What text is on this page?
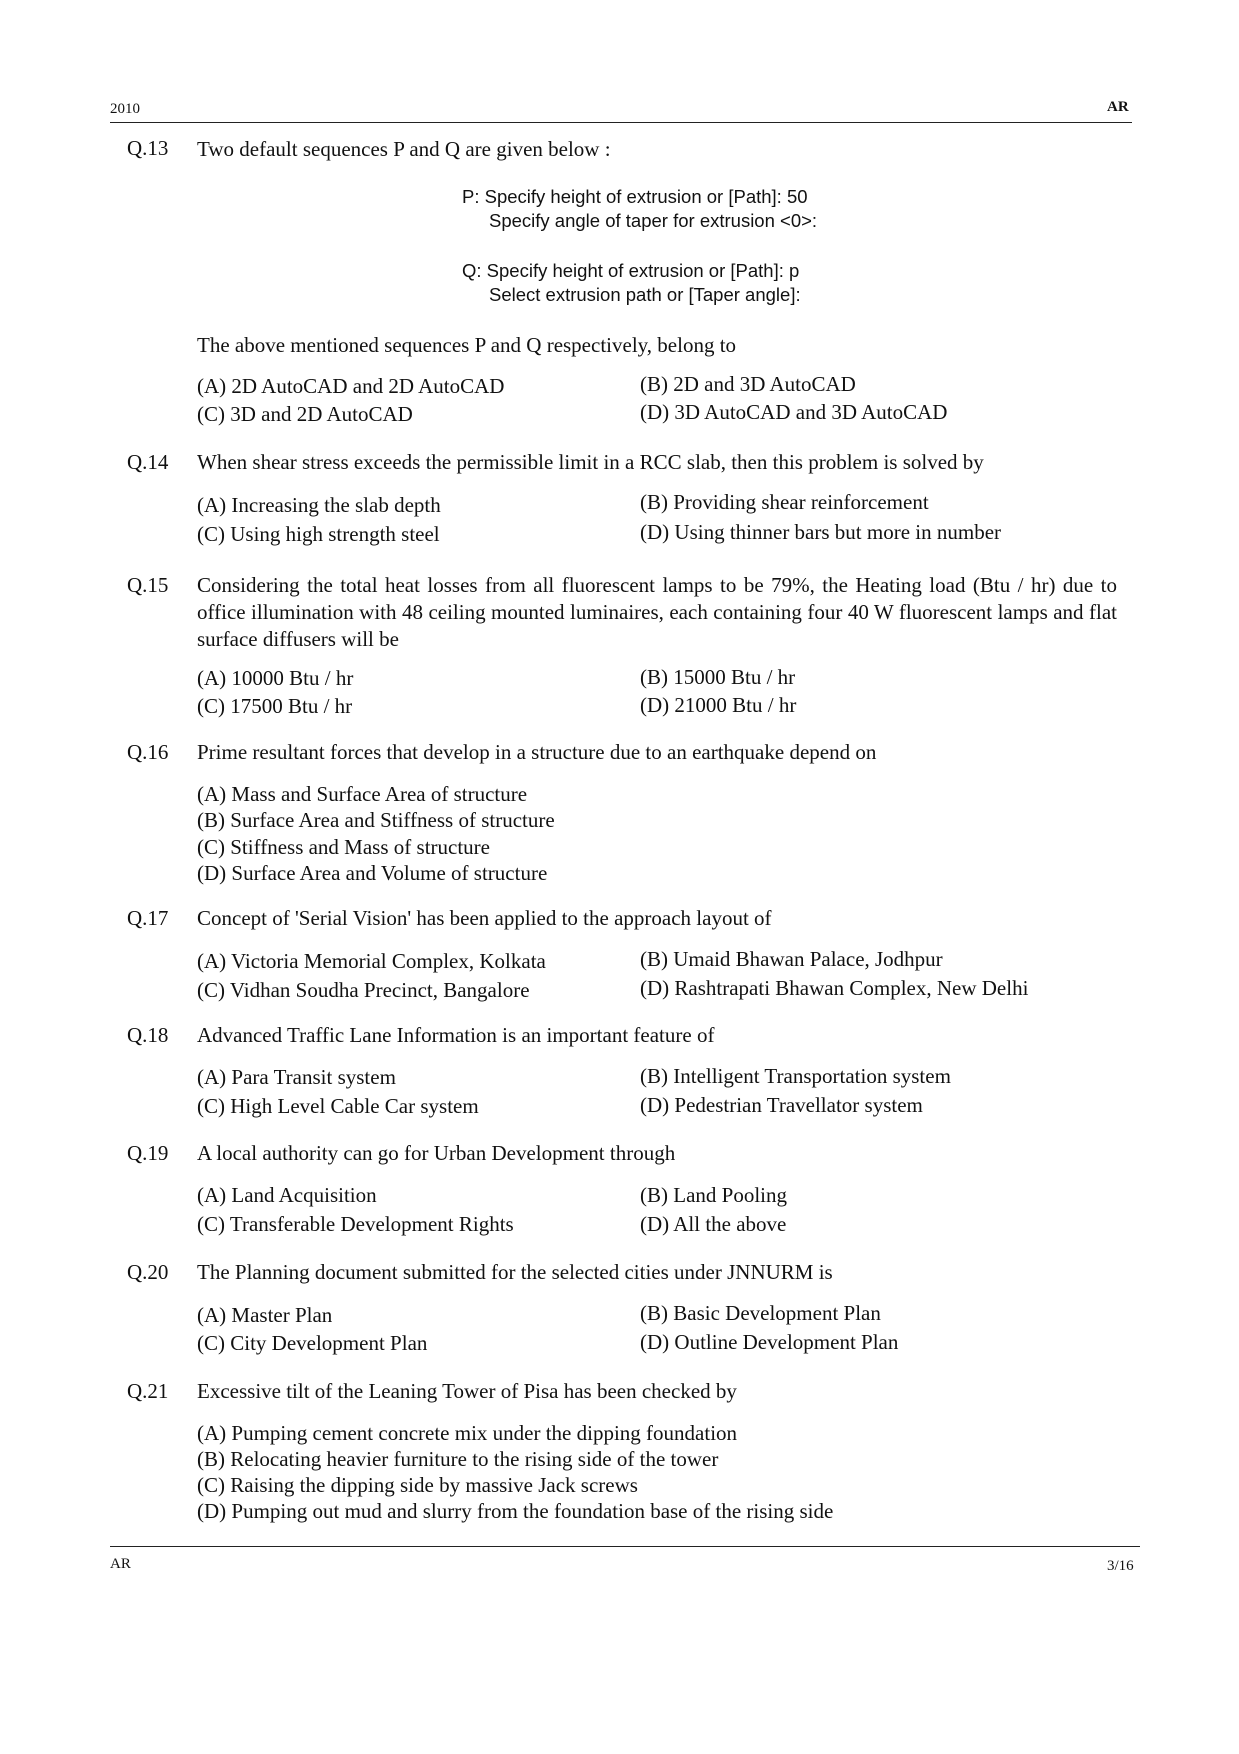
2010	AR
Q.13 Two default sequences P and Q are given below :
P: Specify height of extrusion or [Path]: 50
Specify angle of taper for extrusion <0>:
Q: Specify height of extrusion or [Path]: p
Select extrusion path or [Taper angle]:
The above mentioned sequences P and Q respectively, belong to
(A) 2D AutoCAD and 2D AutoCAD	(B) 2D and 3D AutoCAD
(C) 3D and 2D AutoCAD	(D) 3D AutoCAD and 3D AutoCAD
Q.14 When shear stress exceeds the permissible limit in a RCC slab, then this problem is solved by
(A) Increasing the slab depth	(B) Providing shear reinforcement
(C) Using high strength steel	(D) Using thinner bars but more in number
Q.15 Considering the total heat losses from all fluorescent lamps to be 79%, the Heating load (Btu / hr) due to office illumination with 48 ceiling mounted luminaires, each containing four 40 W fluorescent lamps and flat surface diffusers will be
(A) 10000 Btu / hr	(B) 15000 Btu / hr
(C) 17500 Btu / hr	(D) 21000 Btu / hr
Q.16 Prime resultant forces that develop in a structure due to an earthquake depend on
(A) Mass and Surface Area of structure
(B) Surface Area and Stiffness of structure
(C) Stiffness and Mass of structure
(D) Surface Area and Volume of structure
Q.17 Concept of 'Serial Vision' has been applied to the approach layout of
(A) Victoria Memorial Complex, Kolkata	(B) Umaid Bhawan Palace, Jodhpur
(C) Vidhan Soudha Precinct, Bangalore	(D) Rashtrapati Bhawan Complex, New Delhi
Q.18 Advanced Traffic Lane Information is an important feature of
(A) Para Transit system	(B) Intelligent Transportation system
(C) High Level Cable Car system	(D) Pedestrian Travellator system
Q.19 A local authority can go for Urban Development through
(A) Land Acquisition	(B) Land Pooling
(C) Transferable Development Rights	(D) All the above
Q.20 The Planning document submitted for the selected cities under JNNURM is
(A) Master Plan	(B) Basic Development Plan
(C) City Development Plan	(D) Outline Development Plan
Q.21 Excessive tilt of the Leaning Tower of Pisa has been checked by
(A) Pumping cement concrete mix under the dipping foundation
(B) Relocating heavier furniture to the rising side of the tower
(C) Raising the dipping side by massive Jack screws
(D) Pumping out mud and slurry from the foundation base of the rising side
AR	3/16
